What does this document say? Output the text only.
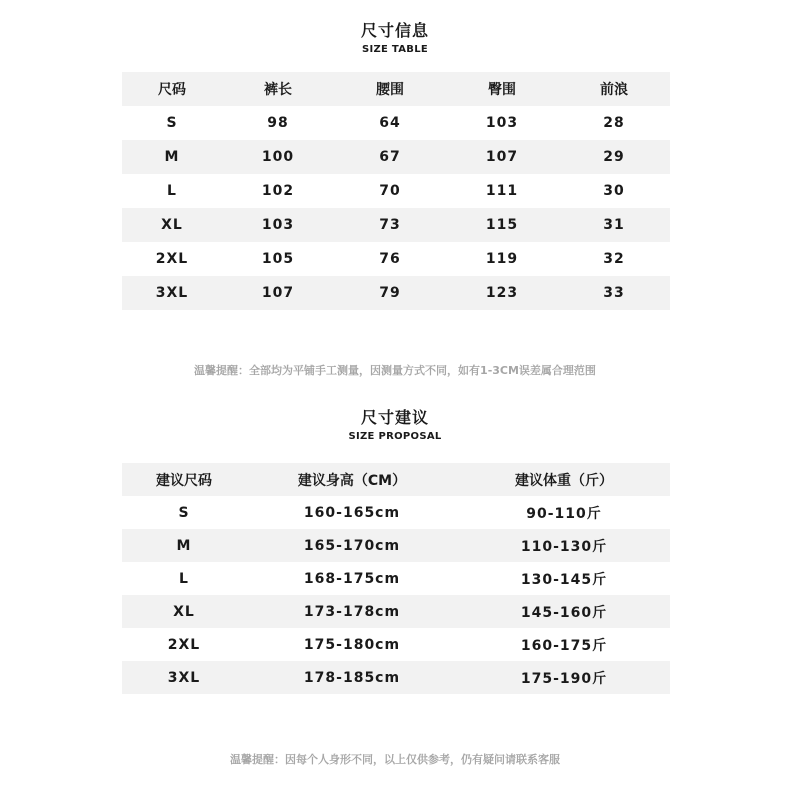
尺寸信息
SIZE TABLE
尺码	裤长	腰围	臀围	前浪
S	98	64	103	28
M	100	67	107	29
L	102	70	111	30
XL	103	73	115	31
2XL	105	76	119	32
3XL	107	79	123	33
温馨提醒：全部均为平铺手工测量，因测量方式不同，如有1-3CM误差属合理范围
尺寸建议
SIZE PROPOSAL
建议尺码	建议身高（CM）	建议体重（斤）
S	160-165cm	90-110斤
M	165-170cm	110-130斤
L	168-175cm	130-145斤
XL	173-178cm	145-160斤
2XL	175-180cm	160-175斤
3XL	178-185cm	175-190斤
温馨提醒：因每个人身形不同，以上仅供参考，仍有疑问请联系客服
